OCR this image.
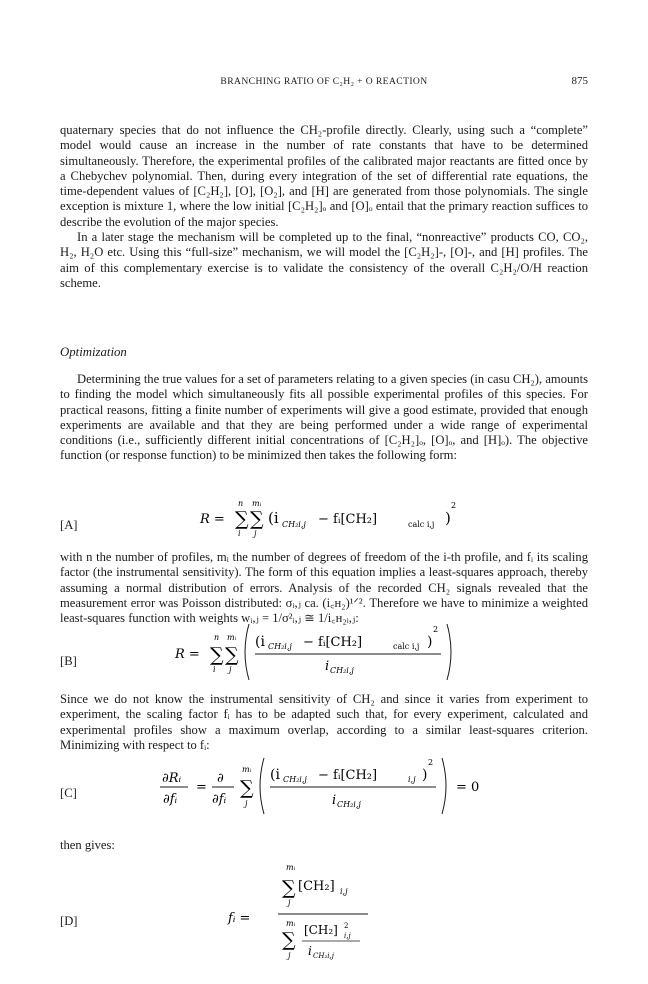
BRANCHING RATIO OF C₂H₂ + O REACTION	875

quaternary species that do not influence the CH₂-profile directly. Clearly, using such a “complete” model would cause an increase in the number of rate constants that have to be determined simultaneously. Therefore, the experimental profiles of the calibrated major reactants are fitted once by a Chebychev polynomial. Then, during every integration of the set of differential rate equations, the time-dependent values of [C₂H₂], [O], [O₂], and [H] are generated from those polynomials. The single exception is mixture 1, where the low initial [C₂H₂]ₒ and [O]ₒ entail that the primary reaction suffices to describe the evolution of the major species.

In a later stage the mechanism will be completed up to the final, “nonreactive” products CO, CO₂, H₂, H₂O etc. Using this “full-size” mechanism, we will model the [C₂H₂]-, [O]-, and [H] profiles. The aim of this complementary exercise is to validate the consistency of the overall C₂H₂/O/H reaction scheme.

Optimization

Determining the true values for a set of parameters relating to a given species (in casu CH₂), amounts to finding the model which simultaneously fits all possible experimental profiles of this species. For practical reasons, fitting a finite number of experiments will give a good estimate, provided that enough experiments are available and that they are being performed under a wide range of experimental conditions (i.e., sufficiently different initial concentrations of [C₂H₂]ₒ, [O]ₒ, and [H]ₒ). The objective function (or response function) to be minimized then takes the following form:

[A]	R =
n
∑
i
mᵢ
∑
j
(i CH₂i,j − fᵢ[CH₂]	calc i,j )
2

with n the number of profiles, mᵢ the number of degrees of freedom of the i-th profile, and fᵢ its scaling factor (the instrumental sensitivity). The form of this equation implies a least-squares approach, thereby assuming a normal distribution of errors. Analysis of the recorded CH₂ signals revealed that the measurement error was Poisson distributed: σᵢ,ⱼ ca. (i꜀ʜ₂)¹ᐟ². Therefore we have to minimize a weighted least-squares function with weights wᵢ,ⱼ = 1/σ²ᵢ,ⱼ ≅ 1/i꜀ʜ₂ᵢ,ⱼ:

[B]	R =
n
∑
i
mᵢ
∑
j
(i CH₂i,j − fᵢ[CH₂]	calc i,j )
2
i CH₂i,j

Since we do not know the instrumental sensitivity of CH₂ and since it varies from experiment to experiment, the scaling factor fᵢ has to be adapted such that, for every experiment, calculated and experimental profiles show a maximum overlap, according to a similar least-squares criterion. Minimizing with respect to fᵢ:

[C]
∂Rᵢ
∂fᵢ
=
∂
∂fᵢ
mᵢ
∑
j
(i CH₂i,j − fᵢ[CH₂]	i,j )
2
i CH₂i,j
= 0

then gives:

[D]	fᵢ =
mᵢ
∑
j
[CH₂] i,j
mᵢ
∑
j
[CH₂] 2
i,j
i CH₂i,j
